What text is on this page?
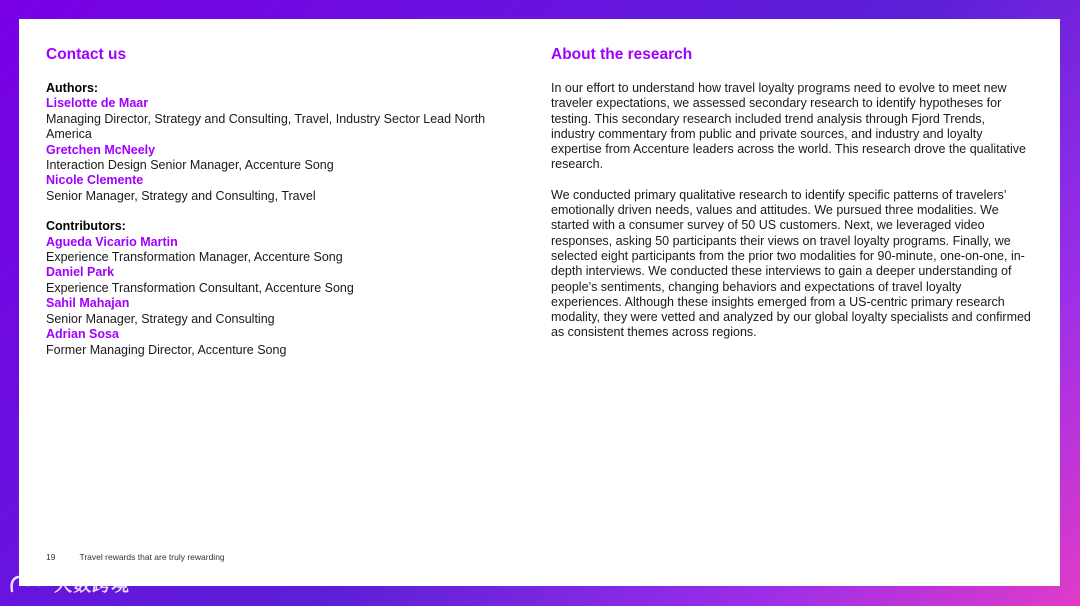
Contact us
Authors:
Liselotte de Maar
Managing Director, Strategy and Consulting, Travel, Industry Sector Lead North America
Gretchen McNeely
Interaction Design Senior Manager, Accenture Song
Nicole Clemente
Senior Manager, Strategy and Consulting, Travel
Contributors:
Agueda Vicario Martin
Experience Transformation Manager, Accenture Song
Daniel Park
Experience Transformation Consultant, Accenture Song
Sahil Mahajan
Senior Manager, Strategy and Consulting
Adrian Sosa
Former Managing Director, Accenture Song
About the research

In our effort to understand how travel loyalty programs need to evolve to meet new traveler expectations, we assessed secondary research to identify hypotheses for testing. This secondary research included trend analysis through Fjord Trends, industry commentary from public and private sources, and industry and loyalty expertise from Accenture leaders across the world. This research drove the qualitative research.

We conducted primary qualitative research to identify specific patterns of travelers’ emotionally driven needs, values and attitudes. We pursued three modalities. We started with a consumer survey of 50 US customers. Next, we leveraged video responses, asking 50 participants their views on travel loyalty programs. Finally, we selected eight participants from the prior two modalities for 90-minute, one-on-one, in-depth interviews. We conducted these interviews to gain a deeper understanding of people’s sentiments, changing behaviors and expectations of travel loyalty experiences. Although these insights emerged from a US-centric primary research modality, they were vetted and analyzed by our global loyalty specialists and confirmed as consistent themes across regions.

19	Travel rewards that are truly rewarding
大数跨境
